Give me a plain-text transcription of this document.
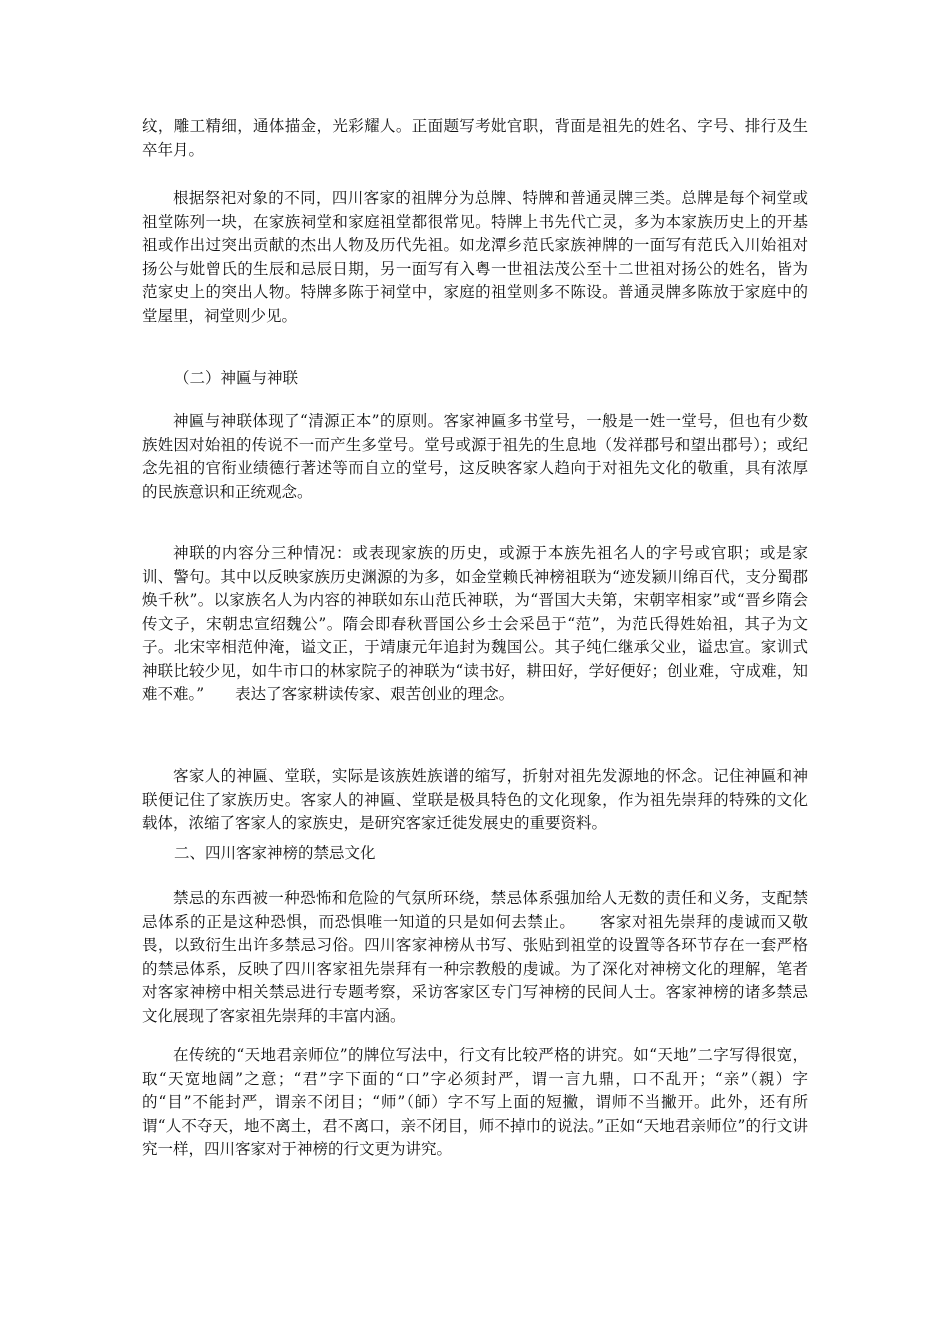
纹，雕工精细，通体描金，光彩耀人。正面题写考妣官职，背面是祖先的姓名、字号、排行及生卒年月。

根据祭祀对象的不同，四川客家的祖牌分为总牌、特牌和普通灵牌三类。总牌是每个祠堂或祖堂陈列一块，在家族祠堂和家庭祖堂都很常见。特牌上书先代亡灵，多为本家族历史上的开基祖或作出过突出贡献的杰出人物及历代先祖。如龙潭乡范氏家族神牌的一面写有范氏入川始祖对扬公与妣曾氏的生辰和忌辰日期，另一面写有入粤一世祖法茂公至十二世祖对扬公的姓名，皆为范家史上的突出人物。特牌多陈于祠堂中，家庭的祖堂则多不陈设。普通灵牌多陈放于家庭中的堂屋里，祠堂则少见。

（二）神匾与神联

神匾与神联体现了“清源正本”的原则。客家神匾多书堂号，一般是一姓一堂号，但也有少数族姓因对始祖的传说不一而产生多堂号。堂号或源于祖先的生息地（发祥郡号和望出郡号）；或纪念先祖的官衔业绩德行著述等而自立的堂号，这反映客家人趋向于对祖先文化的敬重，具有浓厚的民族意识和正统观念。

神联的内容分三种情况：或表现家族的历史，或源于本族先祖名人的字号或官职；或是家训、警句。其中以反映家族历史渊源的为多，如金堂赖氏神榜祖联为“迹发颍川绵百代，支分蜀郡焕千秋”。以家族名人为内容的神联如东山范氏神联，为“晋国大夫第，宋朝宰相家”或“晋乡隋会传文子，宋朝忠宣绍魏公”。隋会即春秋晋国公乡士会采邑于“范”，为范氏得姓始祖，其子为文子。北宋宰相范仲淹，谥文正，于靖康元年追封为魏国公。其子纯仁继承父业，谥忠宣。家训式神联比较少见，如牛市口的林家院子的神联为“读书好，耕田好，学好便好；创业难，守成难，知难不难。”　　表达了客家耕读传家、艰苦创业的理念。

客家人的神匾、堂联，实际是该族姓族谱的缩写，折射对祖先发源地的怀念。记住神匾和神联便记住了家族历史。客家人的神匾、堂联是极具特色的文化现象，作为祖先崇拜的特殊的文化载体，浓缩了客家人的家族史，是研究客家迁徙发展史的重要资料。

二、四川客家神榜的禁忌文化

禁忌的东西被一种恐怖和危险的气氛所环绕，禁忌体系强加给人无数的责任和义务，支配禁忌体系的正是这种恐惧，而恐惧唯一知道的只是如何去禁止。　　客家对祖先崇拜的虔诚而又敬畏，以致衍生出许多禁忌习俗。四川客家神榜从书写、张贴到祖堂的设置等各环节存在一套严格的禁忌体系，反映了四川客家祖先崇拜有一种宗教般的虔诚。为了深化对神榜文化的理解，笔者对客家神榜中相关禁忌进行专题考察，采访客家区专门写神榜的民间人士。客家神榜的诸多禁忌文化展现了客家祖先崇拜的丰富内涵。

在传统的“天地君亲师位”的牌位写法中，行文有比较严格的讲究。如“天地”二字写得很宽，取“天宽地阔”之意；“君”字下面的“口”字必须封严，谓一言九鼎，口不乱开；“亲”（親）字的“目”不能封严，谓亲不闭目；“师”（師）字不写上面的短撇，谓师不当撇开。此外，还有所谓“人不夺天，地不离土，君不离口，亲不闭目，师不掉巾的说法。”正如“天地君亲师位”的行文讲究一样，四川客家对于神榜的行文更为讲究。
